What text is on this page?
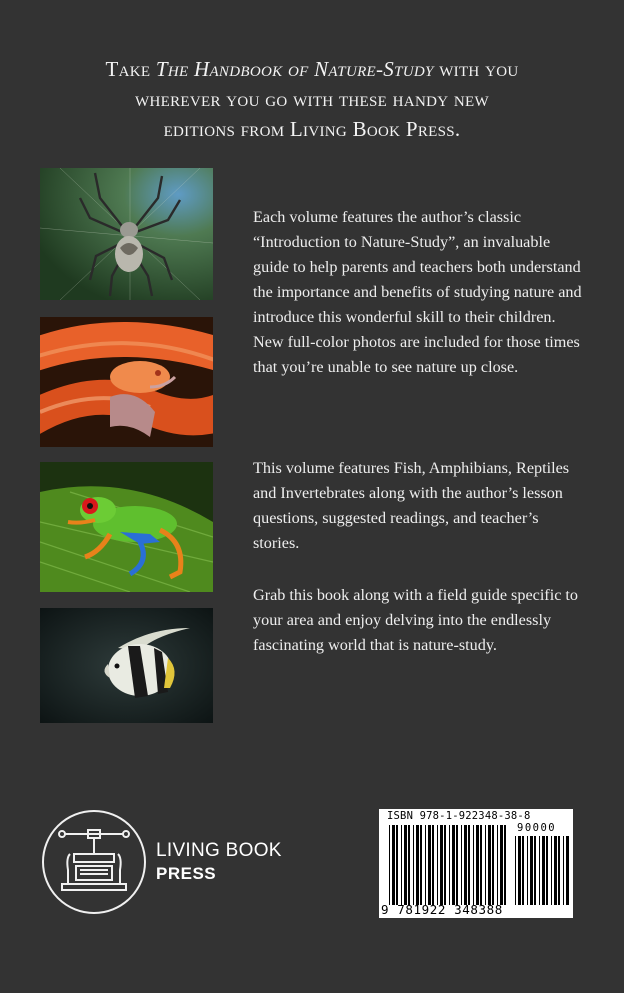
Take The Handbook of Nature-Study with you
wherever you go with these handy new
editions from Living Book Press.

Each volume features the author’s classic “Introduction to Nature-Study”, an invaluable guide to help parents and teachers both understand the importance and benefits of studying nature and introduce this wonderful skill to their children. New full-color photos are included for those times that you’re unable to see nature up close.

This volume features Fish, Amphibians, Reptiles and Invertebrates along with the author’s lesson questions, suggested readings, and teacher’s stories.

Grab this book along with a field guide specific to your area and enjoy delving into the endlessly fascinating world that is nature-study.

LIVING BOOK
PRESS
ISBN 978-1-922348-38-8
90000
9 781922 348388
